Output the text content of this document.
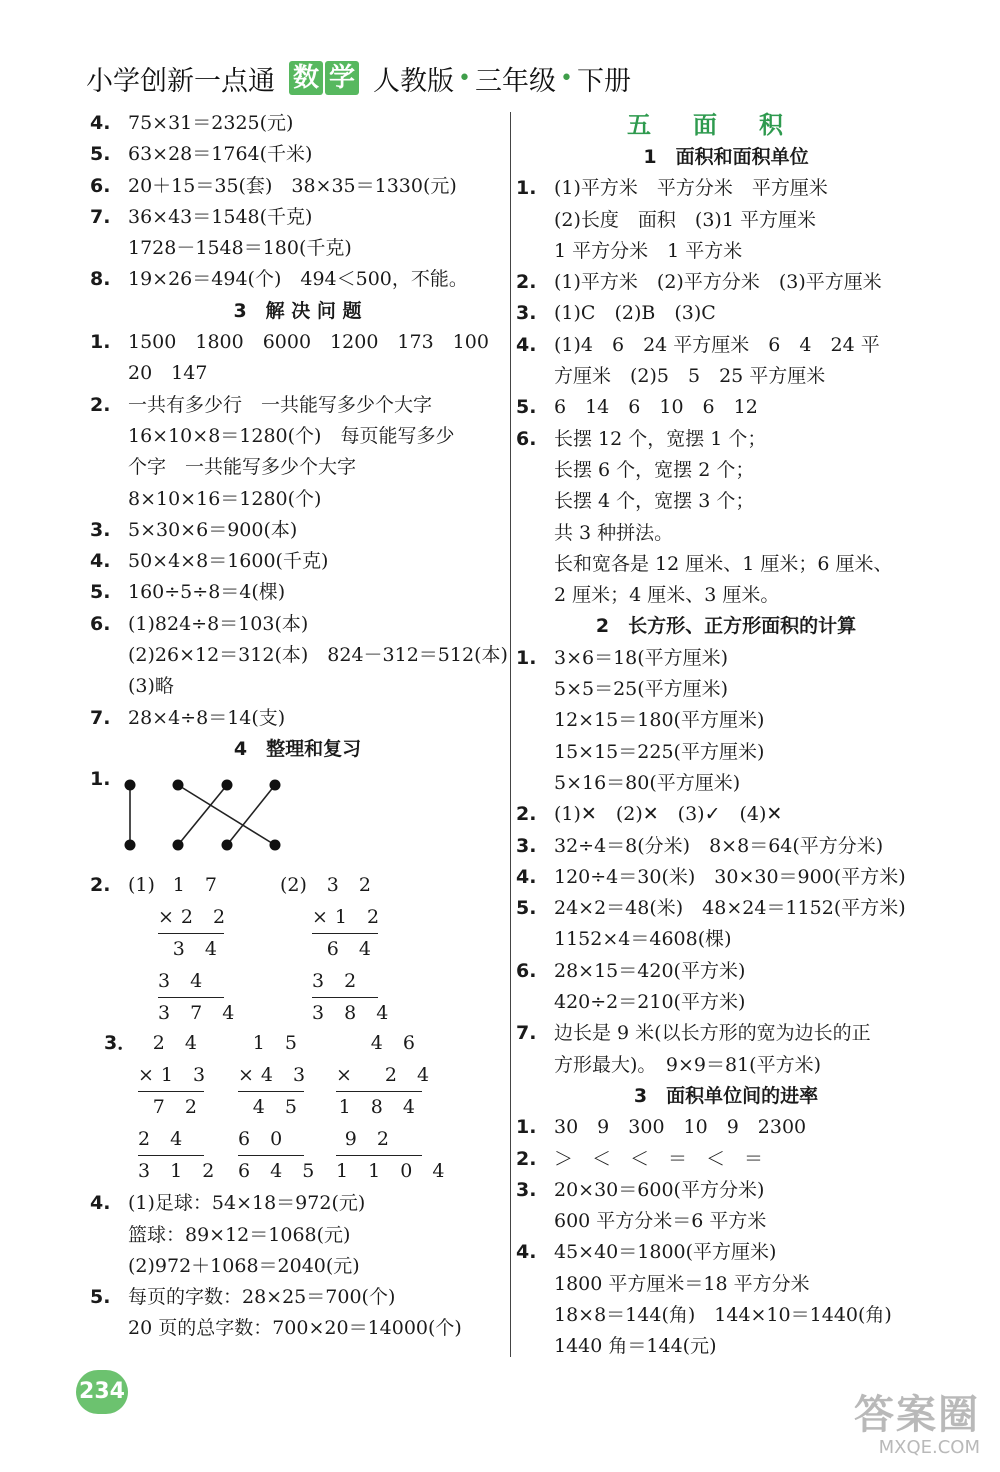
小学创新一点通 数 学 人教版 • 三年级 • 下册
4. 75×31＝2325(元)
5. 63×28＝1764(千米)
6. 20＋15＝35(套)　38×35＝1330(元)
7. 36×43＝1548(千克)
1728－1548＝180(千克)
8. 19×26＝494(个)　494＜500，不能。
3　解 决 问 题
1. 1500　1800　6000　1200　173　100
20　147
2. 一共有多少行　一共能写多少个大字
16×10×8＝1280(个)　每页能写多少
个字　一共能写多少个大字
8×10×16＝1280(个)
3. 5×30×6＝900(本)
4. 50×4×8＝1600(千克)
5. 160÷5÷8＝4(棵)
6. (1)824÷8＝103(本)
(2)26×12＝312(本)　824－312＝512(本)
(3)略
7. 28×4÷8＝14(支)
4　整理和复习
1.
2. (1) 1 7
×2 2
3 4
3 4
3 7 4
(2)	3 2
×1 2
6 4
3 2
3 8 4
3． 2 4
×1 3
7 2
2 4
3 1 2
1 5
×4 3
4 5
6 0
6 4 5
4 6
×　2 4
1 8 4
9 2
1 1 0 4
4. (1)足球：54×18＝972(元)
篮球：89×12＝1068(元)
(2)972＋1068＝2040(元)
5. 每页的字数：28×25＝700(个)
20 页的总字数：700×20＝14000(个)
五面积
1　面积和面积单位
1. (1)平方米　平方分米　平方厘米
(2)长度　面积　(3)1 平方厘米
1 平方分米　1 平方米
2. (1)平方米　(2)平方分米　(3)平方厘米
3. (1)C　(2)B　(3)C
4. (1)4　6　24 平方厘米　6　4　24 平
方厘米　(2)5　5　25 平方厘米
5. 6　14　6　10　6　12
6. 长摆 12 个，宽摆 1 个；
长摆 6 个，宽摆 2 个；
长摆 4 个，宽摆 3 个；
共 3 种拼法。
长和宽各是 12 厘米、1 厘米；6 厘米、
2 厘米；4 厘米、3 厘米。
2　长方形、正方形面积的计算
1. 3×6＝18(平方厘米)
5×5＝25(平方厘米)
12×15＝180(平方厘米)
15×15＝225(平方厘米)
5×16＝80(平方厘米)
2. (1)✕　(2)✕　(3)✓　(4)✕
3. 32÷4＝8(分米)　8×8＝64(平方分米)
4. 120÷4＝30(米)　30×30＝900(平方米)
5. 24×2＝48(米)　48×24＝1152(平方米)
1152×4＝4608(棵)
6. 28×15＝420(平方米)
420÷2＝210(平方米)
7. 边长是 9 米(以长方形的宽为边长的正
方形最大)。　9×9＝81(平方米)
3　面积单位间的进率
1. 30　9　300　10　9　2300
2. ＞　＜　＜　＝　＜　＝
3. 20×30＝600(平方分米)
600 平方分米＝6 平方米
4. 45×40＝1800(平方厘米)
1800 平方厘米＝18 平方分米
18×8＝144(角)　144×10＝1440(角)
1440 角＝144(元)
234
答案圈
MXQE.COM
